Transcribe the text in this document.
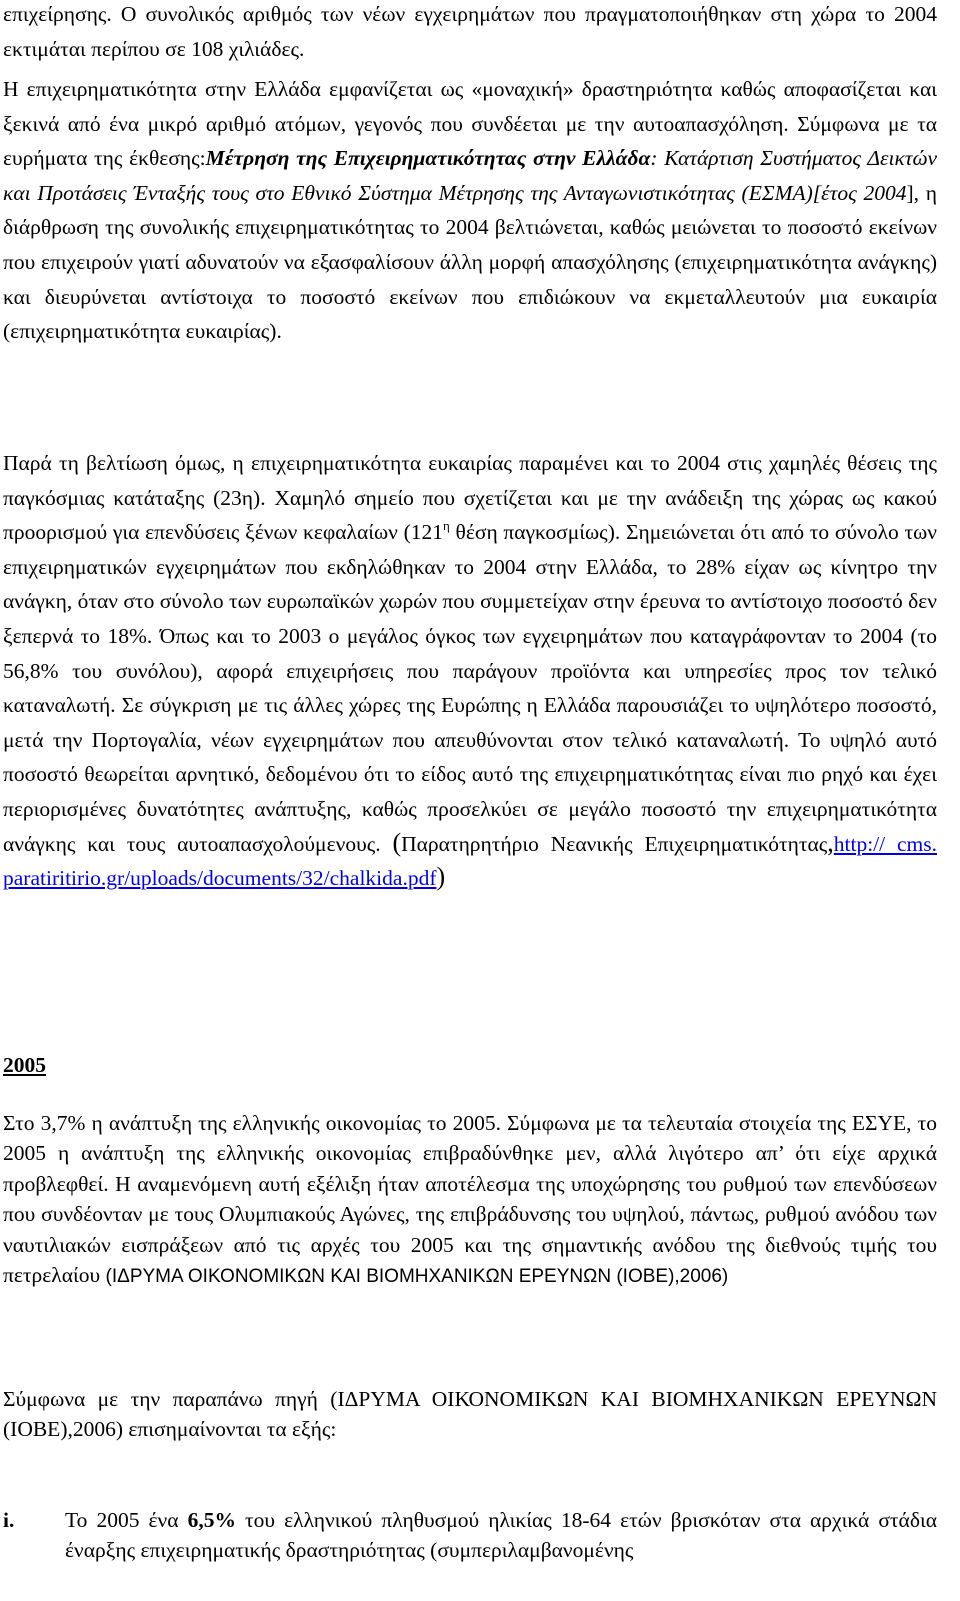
επιχείρησης. Ο συνολικός αριθμός των νέων εγχειρημάτων που πραγματοποιήθηκαν στη χώρα το 2004 εκτιμάται περίπου σε 108 χιλιάδες.

Η επιχειρηματικότητα στην Ελλάδα εμφανίζεται ως «μοναχική» δραστηριότητα καθώς αποφασίζεται και ξεκινά από ένα μικρό αριθμό ατόμων, γεγονός που συνδέεται με την αυτοαπασχόληση. Σύμφωνα με τα ευρήματα της έκθεσης:Μέτρηση της Επιχειρηματικότητας στην Ελλάδα: Κατάρτιση Συστήματος Δεικτών και Προτάσεις Ένταξής τους στο Εθνικό Σύστημα Μέτρησης της Ανταγωνιστικότητας (ΕΣΜΑ)[έτος 2004], η διάρθρωση της συνολικής επιχειρηματικότητας το 2004 βελτιώνεται, καθώς μειώνεται το ποσοστό εκείνων που επιχειρούν γιατί αδυνατούν να εξασφαλίσουν άλλη μορφή απασχόλησης (επιχειρηματικότητα ανάγκης) και διευρύνεται αντίστοιχα το ποσοστό εκείνων που επιδιώκουν να εκμεταλλευτούν μια ευκαιρία (επιχειρηματικότητα ευκαιρίας).

Παρά τη βελτίωση όμως, η επιχειρηματικότητα ευκαιρίας παραμένει και το 2004 στις χαμηλές θέσεις της παγκόσμιας κατάταξης (23η). Χαμηλό σημείο που σχετίζεται και με την ανάδειξη της χώρας ως κακού προορισμού για επενδύσεις ξένων κεφαλαίων ($121^\eta$ θέση παγκοσμίως). Σημειώνεται ότι από το σύνολο των επιχειρηματικών εγχειρημάτων που εκδηλώθηκαν το 2004 στην Ελλάδα, το 28% είχαν ως κίνητρο την ανάγκη, όταν στο σύνολο των ευρωπαϊκών χωρών που συμμετείχαν στην έρευνα το αντίστοιχο ποσοστό δεν ξεπερνά το 18%. Όπως και το 2003 ο μεγάλος όγκος των εγχειρημάτων που καταγράφονταν το 2004 (το 56,8% του συνόλου), αφορά επιχειρήσεις που παράγουν προϊόντα και υπηρεσίες προς τον τελικό καταναλωτή. Σε σύγκριση με τις άλλες χώρες της Ευρώπης η Ελλάδα παρουσιάζει το υψηλότερο ποσοστό, μετά την Πορτογαλία, νέων εγχειρημάτων που απευθύνονται στον τελικό καταναλωτή. Το υψηλό αυτό ποσοστό θεωρείται αρνητικό, δεδομένου ότι το είδος αυτό της επιχειρηματικότητας είναι πιο ρηχό και έχει περιορισμένες δυνατότητες ανάπτυξης, καθώς προσελκύει σε μεγάλο ποσοστό την επιχειρηματικότητα ανάγκης και τους αυτοαπασχολούμενους. (Παρατηρητήριο Νεανικής Επιχειρηματικότητας,http:// cms. paratiritirio.gr/uploads/documents/32/chalkida.pdf)

2005

Στο 3,7% η ανάπτυξη της ελληνικής οικονομίας το 2005. Σύμφωνα με τα τελευταία στοιχεία της ΕΣΥΕ, το 2005 η ανάπτυξη της ελληνικής οικονομίας επιβραδύνθηκε μεν, αλλά λιγότερο απ’ ότι είχε αρχικά προβλεφθεί. Η αναμενόμενη αυτή εξέλιξη ήταν αποτέλεσμα της υποχώρησης του ρυθμού των επενδύσεων που συνδέονταν με τους Ολυμπιακούς Αγώνες, της επιβράδυνσης του υψηλού, πάντως, ρυθμού ανόδου των ναυτιλιακών εισπράξεων από τις αρχές του 2005 και της σημαντικής ανόδου της διεθνούς τιμής του πετρελαίου (ΙΔΡΥΜΑ ΟΙΚΟΝΟΜΙΚΩΝ ΚΑΙ ΒΙΟΜΗΧΑΝΙΚΩΝ ΕΡΕΥΝΩΝ (ΙΟΒΕ),2006)

Σύμφωνα με την παραπάνω πηγή (ΙΔΡΥΜΑ ΟΙΚΟΝΟΜΙΚΩΝ ΚΑΙ ΒΙΟΜΗΧΑΝΙΚΩΝ ΕΡΕΥΝΩΝ (ΙΟΒΕ),2006) επισημαίνονται τα εξής:

i.	Το 2005 ένα 6,5% του ελληνικού πληθυσμού ηλικίας 18-64 ετών βρισκόταν στα αρχικά στάδια έναρξης επιχειρηματικής δραστηριότητας (συμπεριλαμβανομένης
